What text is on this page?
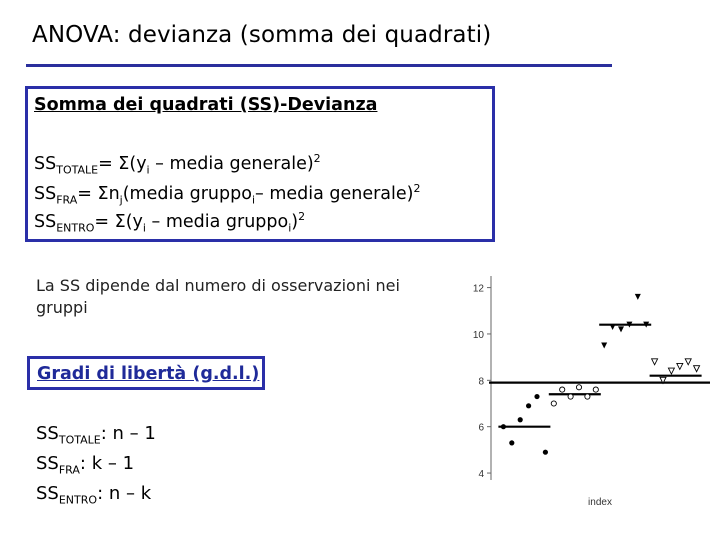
ANOVA: devianza (somma dei quadrati)
Somma dei quadrati (SS)-Devianza
$SS_{TOTALE}= \Sigma(y_i$ – media generale)$^2$
$SS_{FRA}=$ $\Sigma n_j(media$ gruppo$_i$– media generale)$^2$
$SS_{ENTRO}= \Sigma(y_i$ – media gruppo$_i$)$^2$
La SS dipende dal numero di osservazioni nei gruppi
Gradi di libertà (g.d.l.)
$SS_{TOTALE}$: n – 1
$SS_{FRA}$: k – 1
$SS_{ENTRO}$: n – k
12
10
8
6
4
index
